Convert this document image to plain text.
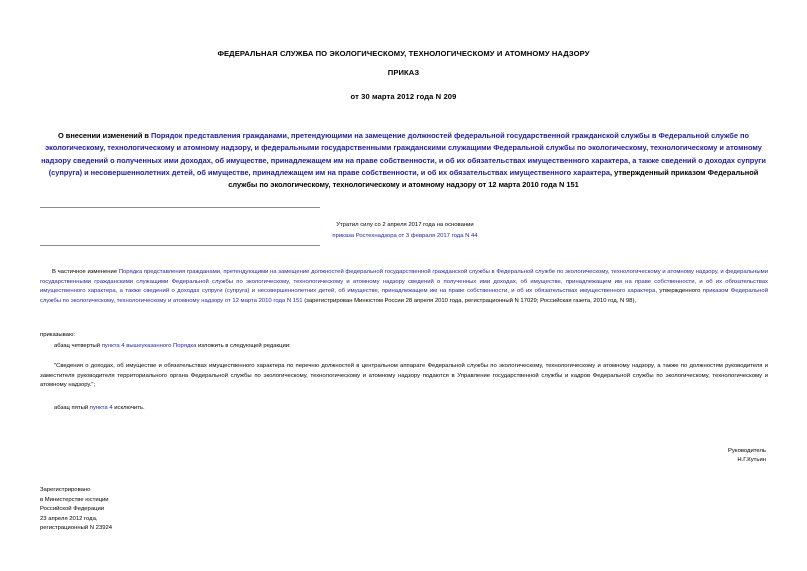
ФЕДЕРАЛЬНАЯ СЛУЖБА ПО ЭКОЛОГИЧЕСКОМУ, ТЕХНОЛОГИЧЕСКОМУ И АТОМНОМУ НАДЗОРУ
ПРИКАЗ
от 30 марта 2012 года N 209
О внесении изменений в Порядок представления гражданами, претендующими на замещение должностей федеральной государственной гражданской службы в Федеральной службе по экологическому, технологическому и атомному надзору, и федеральными государственными гражданскими служащими Федеральной службы по экологическому, технологическому и атомному надзору сведений о полученных ими доходах, об имуществе, принадлежащем им на праве собственности, и об их обязательствах имущественного характера, а также сведений о доходах супруги (супруга) и несовершеннолетних детей, об имуществе, принадлежащем им на праве собственности, и об их обязательствах имущественного характера, утвержденный приказом Федеральной службы по экологическому, технологическому и атомному надзору от 12 марта 2010 года N 151
Утратил силу со 2 апреля 2017 года на основании
приказа Ростехнадзора от 3 февраля 2017 года N 44
В частичное изменение Порядка представления гражданами, претендующими на замещение должностей федеральной государственной гражданской службы в Федеральной службе по экологическому, технологическому и атомному надзору, и федеральными государственными гражданскими служащими Федеральной службы по экологическому, технологическому и атомному надзору сведений о полученных ими доходах, об имуществе, принадлежащем им на праве собственности, и об их обязательствах имущественного характера, а также сведений о доходах супруги (супруга) и несовершеннолетних детей, об имуществе, принадлежащем им на праве собственности, и об их обязательствах имущественного характера, утвержденного приказом Федеральной службы по экологическому, технологическому и атомному надзору от 12 марта 2010 года N 151 (зарегистрирован Минюстом России 28 апреля 2010 года, регистрационный N 17029; Российская газета, 2010 год, N 98),
приказываю:
абзац четвертый пункта 4 вышеуказанного Порядка изложить в следующей редакции:
"Сведения о доходах, об имуществе и обязательствах имущественного характера по перечню должностей в центральном аппарате Федеральной службы по экологическому, технологическому и атомному надзору, а также по должностям руководителя и заместителя руководителя территориального органа Федеральной службы по экологическому, технологическому и атомному надзору подаются в Управление государственной службы и кадров Федеральной службы по экологическому, технологическому и атомному надзору.";
абзац пятый пункта 4 исключить.
Руководитель
Н.Г.Кутьин
Зарегистрировано
в Министерстве юстиции
Российской Федерации
23 апреля 2012 года,
регистрационный N 23924
